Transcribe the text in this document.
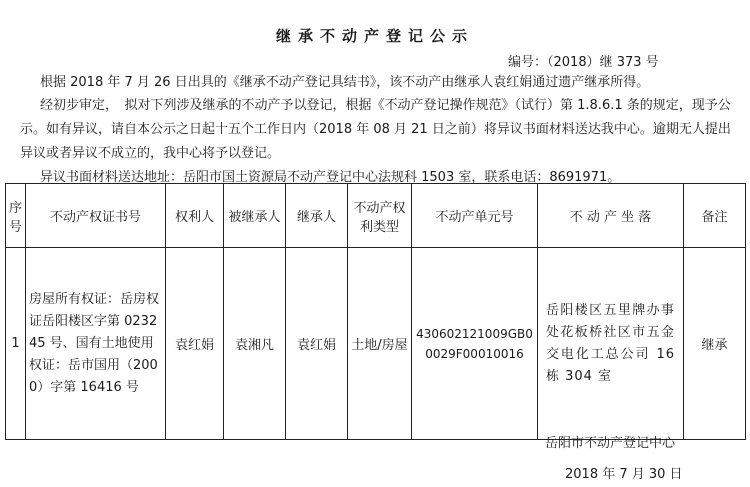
继承不动产登记公示
编号：（2018）继 373 号

根据 2018 年 7 月 26 日出具的《继承不动产登记具结书》，该不动产由继承人袁红娟通过遗产继承所得。

经初步审定，　拟对下列涉及继承的不动产予以登记，根据《不动产登记操作规范》（试行）第 1.8.6.1 条的规定，现予公示。如有异议，请自本公示之日起十五个工作日内（2018 年 08 月 21 日之前）将异议书面材料送达我中心。逾期无人提出异议或者异议不成立的，我中心将予以登记。

异议书面材料送达地址：岳阳市国土资源局不动产登记中心法规科 1503 室，联系电话：8691971。

序号	不动产权证书号	权利人	被继承人	继承人	不动产权利类型	不动产单元号	不 动 产 坐 落	备注
1	房屋所有权证：岳房权证岳阳楼区字第 023245 号、国有土地使用权证：岳市国用（2000）字第 16416 号	袁红娟	袁湘凡	袁红娟	土地/房屋	430602121009GB00029F00010016	岳阳楼区五里牌办事处花板桥社区市五金交电化工总公司 16 栋 304 室	继承
岳阳市不动产登记中心
2018 年 7 月 30 日
